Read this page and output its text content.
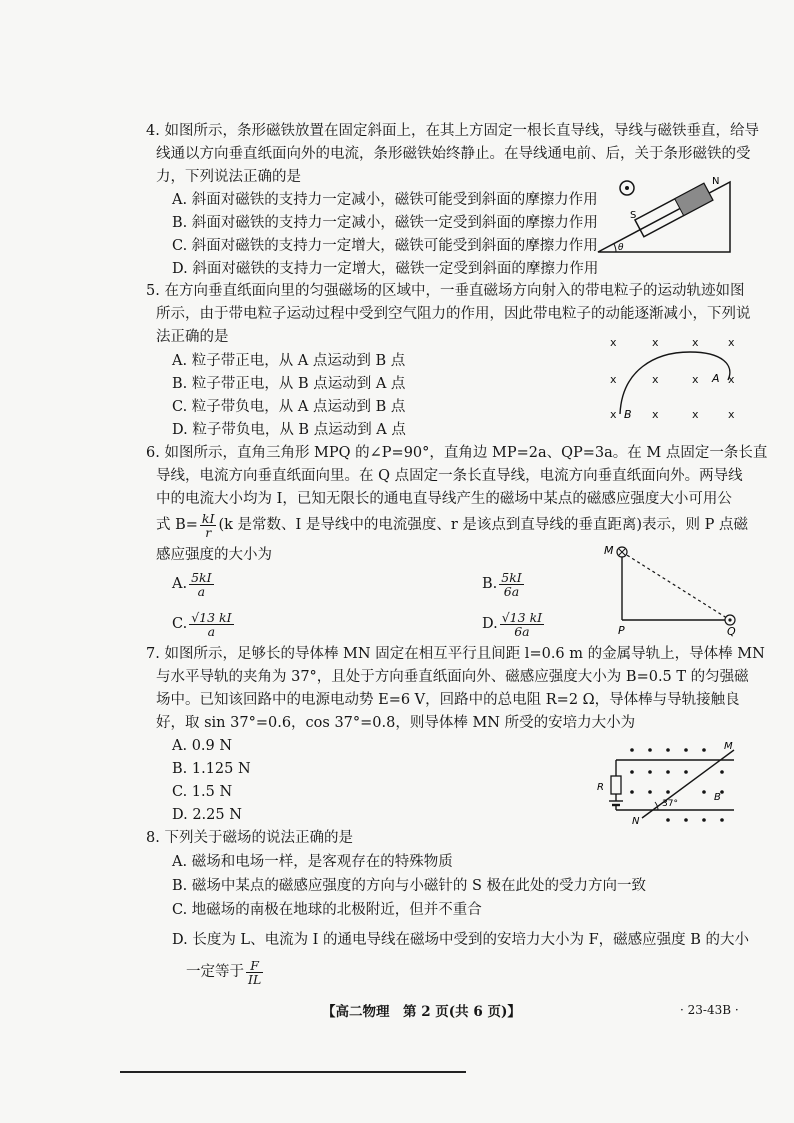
4. 如图所示，条形磁铁放置在固定斜面上，在其上方固定一根长直导线，导线与磁铁垂直，给导
线通以方向垂直纸面向外的电流，条形磁铁始终静止。在导线通电前、后，关于条形磁铁的受
力，下列说法正确的是
A. 斜面对磁铁的支持力一定减小，磁铁可能受到斜面的摩擦力作用
B. 斜面对磁铁的支持力一定减小，磁铁一定受到斜面的摩擦力作用
C. 斜面对磁铁的支持力一定增大，磁铁可能受到斜面的摩擦力作用
D. 斜面对磁铁的支持力一定增大，磁铁一定受到斜面的摩擦力作用
N
S
θ
5. 在方向垂直纸面向里的匀强磁场的区域中，一垂直磁场方向射入的带电粒子的运动轨迹如图
所示，由于带电粒子运动过程中受到空气阻力的作用，因此带电粒子的动能逐渐减小，下列说
法正确的是
A. 粒子带正电，从 A 点运动到 B 点
B. 粒子带正电，从 B 点运动到 A 点
C. 粒子带负电，从 A 点运动到 B 点
D. 粒子带负电，从 B 点运动到 A 点
x	x	x	x
x	x	x	x
x	x	x	x
B
A
6. 如图所示，直角三角形 MPQ 的∠P=90°，直角边 MP=2a、QP=3a。在 M 点固定一条长直
导线，电流方向垂直纸面向里。在 Q 点固定一条长直导线，电流方向垂直纸面向外。两导线
中的电流大小均为 I，已知无限长的通电直导线产生的磁场中某点的磁感应强度大小可用公
式 $B= \frac{kI}{r} (k$ 是常数、I 是导线中的电流强度、r 是该点到直导线的垂直距离)表示，则 P 点磁
感应强度的大小为
A. $\frac{5kI}{a}$	B. $\frac{5kI}{6a}$
C. $\frac{√13 kI}{a}$	D. $\frac{√13 kI}{6a}$
M
P	Q
7. 如图所示，足够长的导体棒 MN 固定在相互平行且间距 l=0.6 m 的金属导轨上，导体棒 MN
与水平导轨的夹角为 37°，且处于方向垂直纸面向外、磁感应强度大小为 B=0.5 T 的匀强磁
场中。已知该回路中的电源电动势 E=6 V，回路中的总电阻 R=2 Ω，导体棒与导轨接触良
好，取 sin 37°=0.6，cos 37°=0.8，则导体棒 MN 所受的安培力大小为
A. 0.9 N
B. 1.125 N
C. 1.5 N
D. 2.25 N
M
N
R
B
37°
8. 下列关于磁场的说法正确的是
A. 磁场和电场一样，是客观存在的特殊物质
B. 磁场中某点的磁感应强度的方向与小磁针的 S 极在此处的受力方向一致
C. 地磁场的南极在地球的北极附近，但并不重合
D. 长度为 L、电流为 I 的通电导线在磁场中受到的安培力大小为 F，磁感应强度 B 的大小
一定等于 $\frac{F}{IL}$
【高二物理　第 2 页(共 6 页)】	· 23-43B ·
